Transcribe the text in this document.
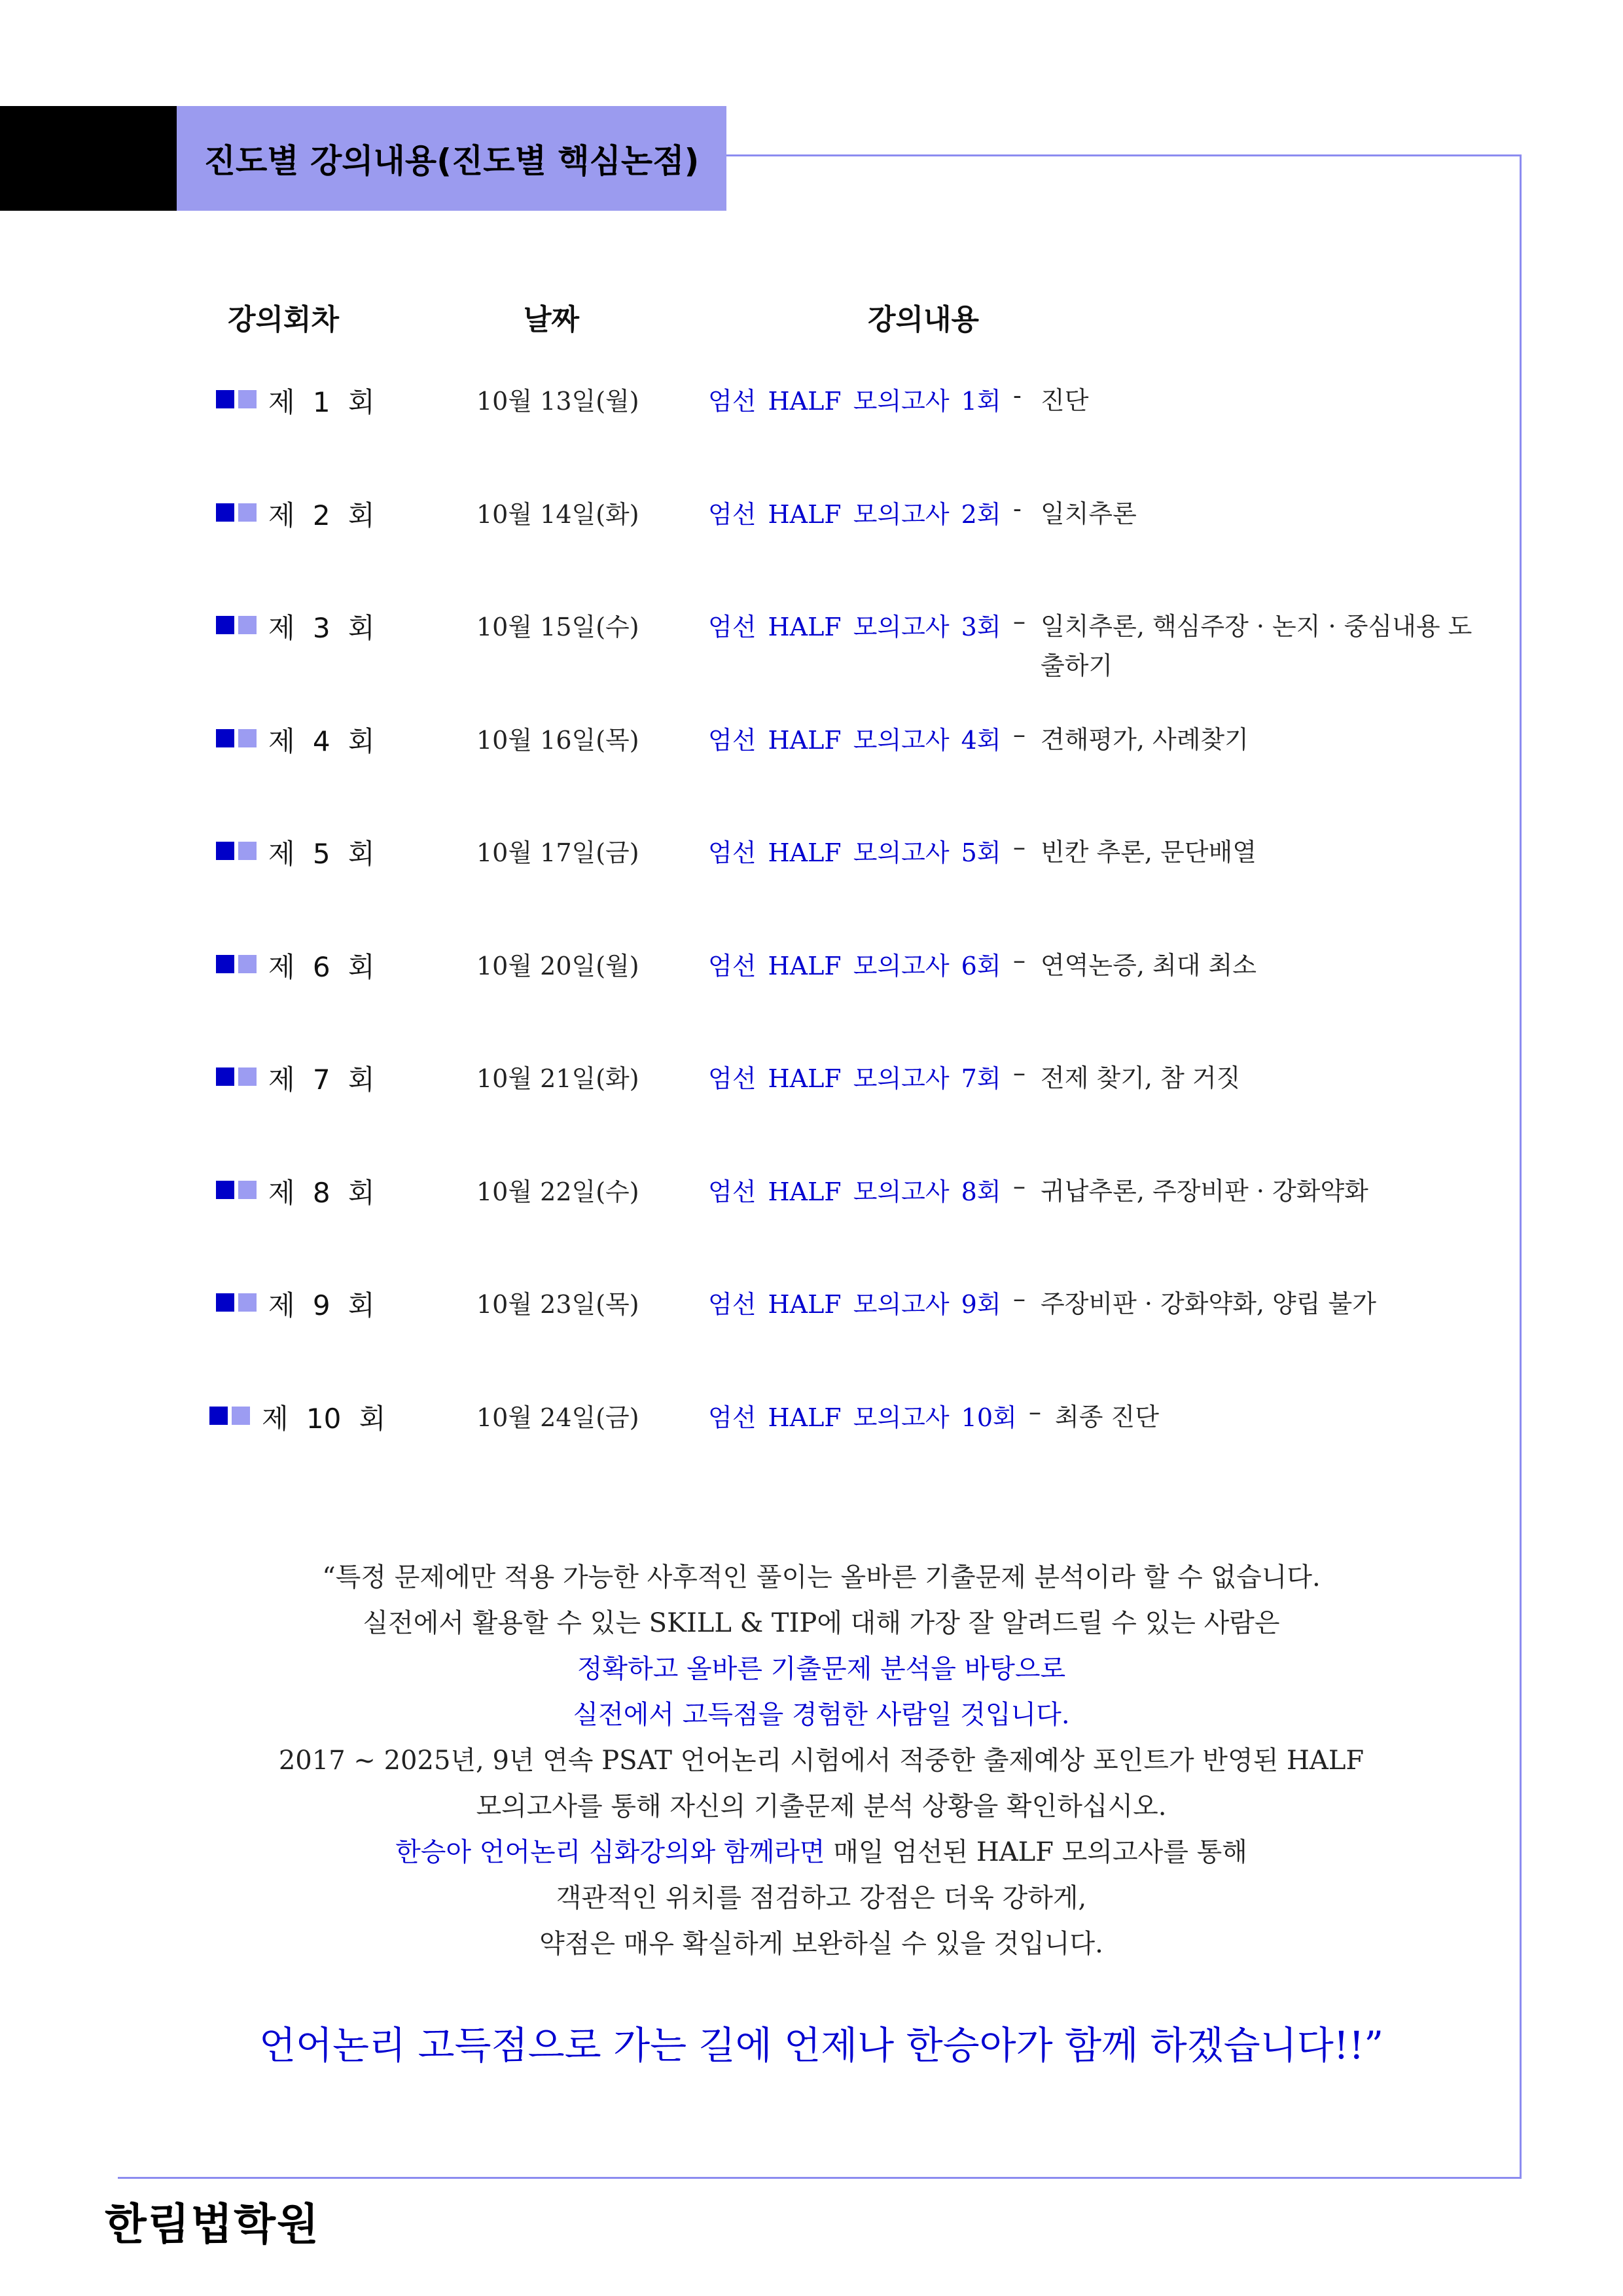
진도별 강의내용(진도별 핵심논점)
강의회차	날짜	강의내용
제 1 회	10월 13일(월)	엄선 HALF 모의고사 1회 - 진단
제 2 회	10월 14일(화)	엄선 HALF 모의고사 2회 - 일치추론
제 3 회	10월 15일(수)	엄선 HALF 모의고사 3회 – 일치추론, 핵심주장 · 논지 · 중심내용 도출하기
제 4 회	10월 16일(목)	엄선 HALF 모의고사 4회 – 견해평가, 사례찾기
제 5 회	10월 17일(금)	엄선 HALF 모의고사 5회 – 빈칸 추론, 문단배열
제 6 회	10월 20일(월)	엄선 HALF 모의고사 6회 – 연역논증, 최대 최소
제 7 회	10월 21일(화)	엄선 HALF 모의고사 7회 – 전제 찾기, 참 거짓
제 8 회	10월 22일(수)	엄선 HALF 모의고사 8회 – 귀납추론, 주장비판 · 강화약화
제 9 회	10월 23일(목)	엄선 HALF 모의고사 9회 – 주장비판 · 강화약화, 양립 불가
제 10 회	10월 24일(금)	엄선 HALF 모의고사 10회 – 최종 진단
“특정 문제에만 적용 가능한 사후적인 풀이는 올바른 기출문제 분석이라 할 수 없습니다.
실전에서 활용할 수 있는 SKILL & TIP에 대해 가장 잘 알려드릴 수 있는 사람은
정확하고 올바른 기출문제 분석을 바탕으로
실전에서 고득점을 경험한 사람일 것입니다.
2017 ~ 2025년, 9년 연속 PSAT 언어논리 시험에서 적중한 출제예상 포인트가 반영된 HALF
모의고사를 통해 자신의 기출문제 분석 상황을 확인하십시오.
한승아 언어논리 심화강의와 함께라면 매일 엄선된 HALF 모의고사를 통해
객관적인 위치를 점검하고 강점은 더욱 강하게,
약점은 매우 확실하게 보완하실 수 있을 것입니다.
언어논리 고득점으로 가는 길에 언제나 한승아가 함께 하겠습니다!!”
한림법학원
